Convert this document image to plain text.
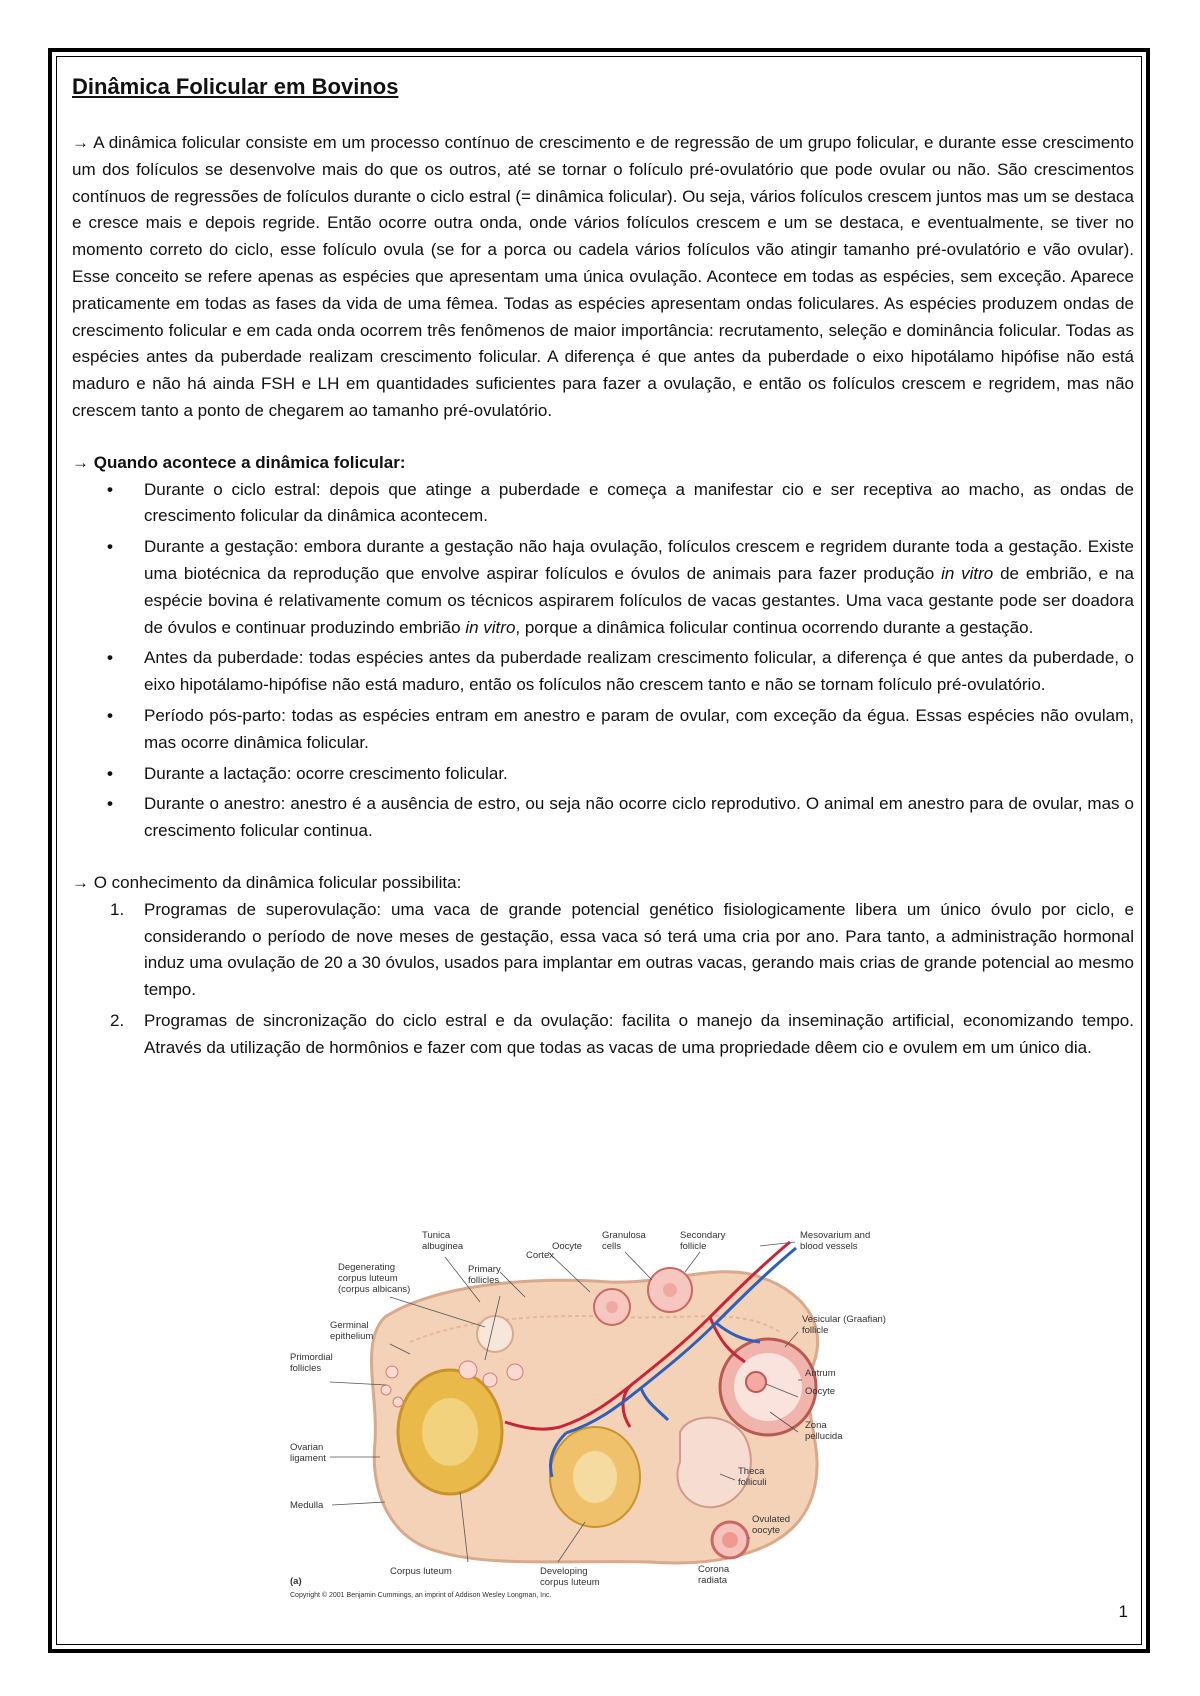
Dinâmica Folicular em Bovinos

→ A dinâmica folicular consiste em um processo contínuo de crescimento e de regressão de um grupo folicular, e durante esse crescimento um dos folículos se desenvolve mais do que os outros, até se tornar o folículo pré-ovulatório que pode ovular ou não. São crescimentos contínuos de regressões de folículos durante o ciclo estral (= dinâmica folicular). Ou seja, vários folículos crescem juntos mas um se destaca e cresce mais e depois regride. Então ocorre outra onda, onde vários folículos crescem e um se destaca, e eventualmente, se tiver no momento correto do ciclo, esse folículo ovula (se for a porca ou cadela vários folículos vão atingir tamanho pré-ovulatório e vão ovular). Esse conceito se refere apenas as espécies que apresentam uma única ovulação. Acontece em todas as espécies, sem exceção. Aparece praticamente em todas as fases da vida de uma fêmea. Todas as espécies apresentam ondas foliculares. As espécies produzem ondas de crescimento folicular e em cada onda ocorrem três fenômenos de maior importância: recrutamento, seleção e dominância folicular. Todas as espécies antes da puberdade realizam crescimento folicular. A diferença é que antes da puberdade o eixo hipotálamo hipófise não está maduro e não há ainda FSH e LH em quantidades suficientes para fazer a ovulação, e então os folículos crescem e regridem, mas não crescem tanto a ponto de chegarem ao tamanho pré-ovulatório.

→ Quando acontece a dinâmica folicular:
• Durante o ciclo estral: depois que atinge a puberdade e começa a manifestar cio e ser receptiva ao macho, as ondas de crescimento folicular da dinâmica acontecem.
• Durante a gestação: embora durante a gestação não haja ovulação, folículos crescem e regridem durante toda a gestação. Existe uma biotécnica da reprodução que envolve aspirar folículos e óvulos de animais para fazer produção in vitro de embrião, e na espécie bovina é relativamente comum os técnicos aspirarem folículos de vacas gestantes. Uma vaca gestante pode ser doadora de óvulos e continuar produzindo embrião in vitro, porque a dinâmica folicular continua ocorrendo durante a gestação.
• Antes da puberdade: todas espécies antes da puberdade realizam crescimento folicular, a diferença é que antes da puberdade, o eixo hipotálamo-hipófise não está maduro, então os folículos não crescem tanto e não se tornam folículo pré-ovulatório.
• Período pós-parto: todas as espécies entram em anestro e param de ovular, com exceção da égua. Essas espécies não ovulam, mas ocorre dinâmica folicular.
• Durante a lactação: ocorre crescimento folicular.
• Durante o anestro: anestro é a ausência de estro, ou seja não ocorre ciclo reprodutivo. O animal em anestro para de ovular, mas o crescimento folicular continua.
→ O conhecimento da dinâmica folicular possibilita:
1. Programas de superovulação: uma vaca de grande potencial genético fisiologicamente libera um único óvulo por ciclo, e considerando o período de nove meses de gestação, essa vaca só terá uma cria por ano. Para tanto, a administração hormonal induz uma ovulação de 20 a 30 óvulos, usados para implantar em outras vacas, gerando mais crias de grande potencial ao mesmo tempo.
2. Programas de sincronização do ciclo estral e da ovulação: facilita o manejo da inseminação artificial, economizando tempo. Através da utilização de hormônios e fazer com que todas as vacas de uma propriedade dêem cio e ovulem em um único dia.
Tunica
albuginea
Cortex
Oocyte
Granulosa
cells
Secondary
follicle
Mesovarium and
blood vessels
Degenerating
corpus luteum
(corpus albicans)
Primary
follicles
Germinal
epithelium
Vesicular (Graafian)
follicle
Primordial
follicles	Antrum
Oocyte
Zona
pellucida
Ovarian
ligament
Theca
folliculi
Medulla
Ovulated
oocyte
Corona
radiata
Corpus luteum	Developing
corpus luteum
(a)
Copyright © 2001 Benjamin Cummings, an imprint of Addison Wesley Longman, Inc.
1
